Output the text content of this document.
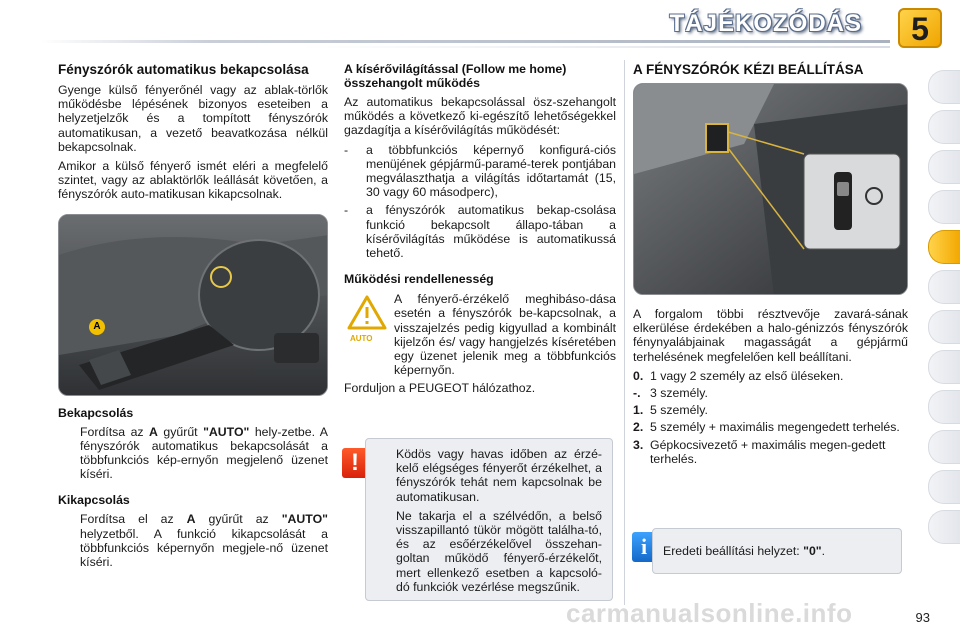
TÁJÉKOZÓDÁS	5
Fényszórók automatikus bekapcsolása

Gyenge külső fényerőnél vagy az ablak-törlők működésbe lépésének bizonyos eseteiben a helyzetjelzők és a tompított fényszórók automatikusan, a vezető beavatkozása nélkül bekapcsolnak.

Amikor a külső fényerő ismét eléri a megfelelő szintet, vagy az ablaktörlők leállását követően, a fényszórók auto-matikusan kikapcsolnak.

A
Bekapcsolás
Fordítsa az A gyűrűt "AUTO" hely-zetbe. A fényszórók automatikus bekapcsolását a többfunkciós kép-ernyőn megjelenő üzenet kíséri.
Kikapcsolás
Fordítsa el az A gyűrűt az "AUTO" helyzetből. A funkció kikapcsolását a többfunkciós képernyőn megjele-nő üzenet kíséri.
A kísérővilágítással (Follow me home) összehangolt működés

Az automatikus bekapcsolással ösz-szehangolt működés a következő ki-egészítő lehetőségekkel gazdagítja a kísérővilágítás működését:

- a többfunkciós képernyő konfigurá-ciós menüjének gépjármű-paramé-terek pontjában megválaszthatja a világítás időtartamát (15, 30 vagy 60 másodperc),
- a fényszórók automatikus bekap-csolása funkció bekapcsolt állapo-tában a kísérővilágítás működése is automatikussá tehető.
Működési rendellenesség
AUTO
A fényerő-érzékelő meghibáso-dása esetén a fényszórók be-kapcsolnak, a visszajelzés pedig kigyullad a kombinált kijelzőn és/ vagy hangjelzés kíséretében egy üzenet jelenik meg a többfunkciós képernyőn.

Forduljon a PEUGEOT hálózathoz.

!	Ködös vagy havas időben az érzé-kelő elégséges fényerőt érzékelhet, a fényszórók tehát nem kapcsolnak be automatikusan.

Ne takarja el a szélvédőn, a belső visszapillantó tükör mögött találha-tó, és az esőérzékelővel összehan-goltan működő fényerő-érzékelőt, mert ellenkező esetben a kapcsoló-dó funkciók vezérlése megszűnik.

A FÉNYSZÓRÓK KÉZI BEÁLLÍTÁSA

A forgalom többi résztvevője zavará-sának elkerülése érdekében a halo-génizzós fényszórók fénynyalábjainak magasságát a gépjármű terhelésének megfelelően kell beállítani.

0. 1 vagy 2 személy az első üléseken.
-. 3 személy.
1. 5 személy.
2. 5 személy + maximális megengedett terhelés.
3. Gépkocsivezető + maximális megen-gedett terhelés.
i	Eredeti beállítási helyzet: "0".
carmanualsonline.info	93
